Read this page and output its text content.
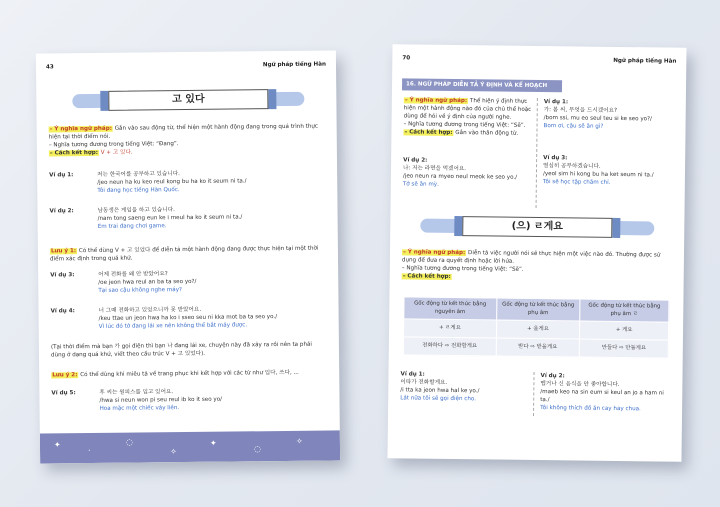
43	Ngữ pháp tiếng Hàn
고 있다
– Ý nghĩa ngữ pháp: Gắn vào sau động từ, thể hiện một hành động đang trong quá trình thực hiện tại thời điểm nói.
– Nghĩa tương đương trong tiếng Việt: “Đang”.
– Cách kết hợp: V + 고 있다.
Ví dụ 1:	저는 한국어를 공부하고 있습니다.
/jeo neun ha ku keo reul kong bu ha ko it seum ni ta./
Tôi đang học tiếng Hàn Quốc.
Ví dụ 2:	남동생은 게임을 하고 있습니다.
/nam tong saeng eun ke i meul ha ko it seum ni ta./
Em trai đang chơi game.
Lưu ý 1: Có thể dùng V + 고 있었다 để diễn tả một hành động đang được thực hiện tại một thời điểm xác định trong quá khứ.
Ví dụ 3:	어제 전화를 왜 안 받았어요?
/oe jeon hwa reul an ba ta seo yo?/
Tại sao cậu không nghe máy?
Ví dụ 4:	너 그때 전화하고 있었으니까 못 받았어요.
/keu ttae un jeon hwa ha ko i sseo seu ni kka mot ba ta seo yo./
Vì lúc đó tớ đang lái xe nên không thể bắt máy được.
(Tại thời điểm mà bạn 가 gọi điện thì bạn 나 đang lái xe, chuyện này đã xảy ra rồi nên ta phải dùng ở dạng quá khứ, viết theo cấu trúc V + 고 있었다).
Lưu ý 2: Có thể dùng khi miêu tả về trang phục khi kết hợp với các từ như 입다, 쓰다, ...
Ví dụ 5:	후 씨는 원피스를 입고 있어요.
/hwa si neun won pi seu reul ib ko it seo yo/
Hoa mặc một chiếc váy liền.
✦
·
◌
✧
✦
◌
✧
70	Ngữ pháp tiếng Hàn
16. NGỮ PHÁP DIỄN TẢ Ý ĐỊNH VÀ KẾ HOẠCH
– Ý nghĩa ngữ pháp: Thể hiện ý định thực hiện một hành động nào đó của chủ thể hoặc dùng để hỏi về ý định của người nghe.
– Nghĩa tương đương trong tiếng Việt: “Sẽ”.
– Cách kết hợp: Gắn vào thân động từ.
Ví dụ 1:
가: 봄 씨, 무엇을 드시겠어요?
/bom ssi, mu eo seul teu si ke seo yo?/
Bom ơi, cậu sẽ ăn gì?
Ví dụ 2:
나: 저는 라면을 먹겠어요.
/jeo neun ra myeo neul meok ke seo yo./
Tớ sẽ ăn mỳ.
Ví dụ 3:
열심히 공부하겠습니다.
/yeol sim hi kong bu ha ket seum ni ta./
Tôi sẽ học tập chăm chỉ.
(으) ㄹ게요
– Ý nghĩa ngữ pháp: Diễn tả việc người nói sẽ thực hiện một việc nào đó. Thường được sử dụng để đưa ra quyết định hoặc lời hứa.
– Nghĩa tương đương trong tiếng Việt: “Sẽ”.
– Cách kết hợp:
Gốc động từ kết thúc bằng nguyên âm	Gốc động từ kết thúc bằng phụ âm	Gốc động từ kết thúc bằng phụ âm ㄹ
+ ㄹ게요	+ 을게요	+ 게요
전화하다 ⇨ 전화할게요	받다 ⇨ 받을게요	만들다 ⇨ 만들게요
Ví dụ 1:
이따가 전화할게요.
/i tta ka jeon hwa hal ke yo./
Lát nữa tôi sẽ gọi điện cho.
Ví dụ 2:
맵거나 신 음식을 안 좋아합니다.
/maeb keo na sin eum si keul an jo a ham ni ta./
Tôi không thích đồ ăn cay hay chua.
